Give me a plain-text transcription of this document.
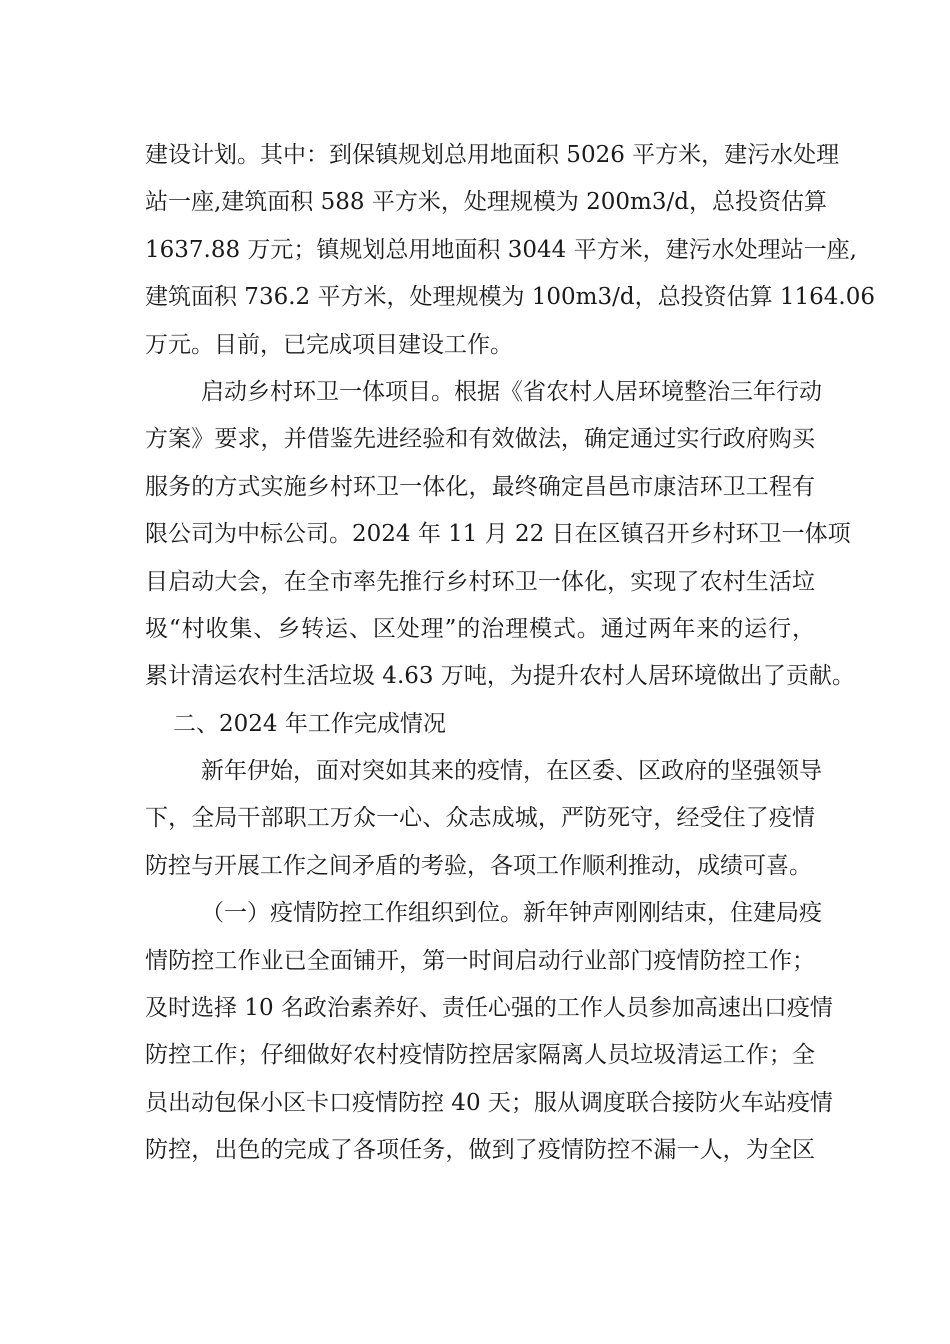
建设计划。其中：到保镇规划总用地面积 5026 平方米，建污水处理
站一座,建筑面积 588 平方米，处理规模为 200m3/d，总投资估算
1637.88 万元；镇规划总用地面积 3044 平方米，建污水处理站一座,
建筑面积 736.2 平方米，处理规模为 100m3/d，总投资估算 1164.06
万元。目前，已完成项目建设工作。
启动乡村环卫一体项目。根据《省农村人居环境整治三年行动
方案》要求，并借鉴先进经验和有效做法，确定通过实行政府购买
服务的方式实施乡村环卫一体化，最终确定昌邑市康洁环卫工程有
限公司为中标公司。2024 年 11 月 22 日在区镇召开乡村环卫一体项
目启动大会，在全市率先推行乡村环卫一体化，实现了农村生活垃
圾“村收集、乡转运、区处理”的治理模式。通过两年来的运行，
累计清运农村生活垃圾 4.63 万吨，为提升农村人居环境做出了贡献。
二、2024 年工作完成情况
新年伊始，面对突如其来的疫情，在区委、区政府的坚强领导
下，全局干部职工万众一心、众志成城，严防死守，经受住了疫情
防控与开展工作之间矛盾的考验，各项工作顺利推动，成绩可喜。
（一）疫情防控工作组织到位。新年钟声刚刚结束，住建局疫
情防控工作业已全面铺开，第一时间启动行业部门疫情防控工作；
及时选择 10 名政治素养好、责任心强的工作人员参加高速出口疫情
防控工作；仔细做好农村疫情防控居家隔离人员垃圾清运工作；全
员出动包保小区卡口疫情防控 40 天；服从调度联合接防火车站疫情
防控，出色的完成了各项任务，做到了疫情防控不漏一人，为全区
